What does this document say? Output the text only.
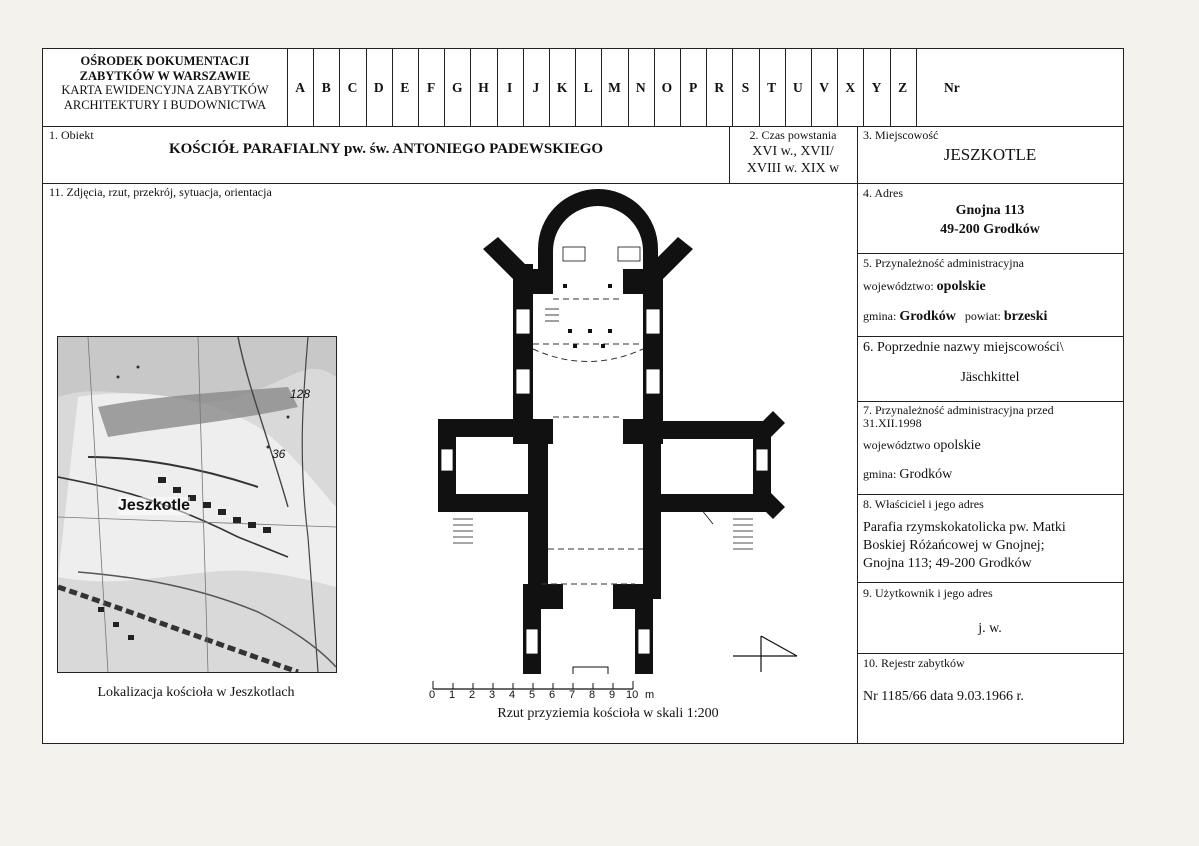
OŚRODEK DOKUMENTACJI
ZABYTKÓW W WARSZAWIE
KARTA EWIDENCYJNA ZABYTKÓW
ARCHITEKTURY I BUDOWNICTWA
A	B	C	D	E	F	G	H	I	J	K	L	M	N	O	P	R	S	T	U	V	X	Y	Z	Nr
1. Obiekt
KOŚCIÓŁ PARAFIALNY pw. św. ANTONIEGO PADEWSKIEGO
2. Czas powstania
XVI w., XVII/
XVIII w. XIX w
3. Miejscowość
JESZKOTLE
11. Zdjęcia, rzut, przekrój, sytuacja, orientacja
Jeszkotle
128
36
Lokalizacja kościoła w Jeszkotlach	0	1	2	3	4	5	6	7	8	9 10 m
Rzut przyziemia kościoła w skali 1:200
4. Adres
Gnojna 113
49-200 Grodków
5. Przynależność administracyjna
województwo: opolskie
gmina: Grodków powiat: brzeski
6. Poprzednie nazwy miejscowości\
Jäschkittel
7. Przynależność administracyjna przed
31.XII.1998
województwo opolskie
gmina: Grodków
8. Właściciel i jego adres
Parafia rzymskokatolicka pw. Matki
Boskiej Różańcowej w Gnojnej;
Gnojna 113; 49-200 Grodków
9. Użytkownik i jego adres
j. w.
10. Rejestr zabytków
Nr 1185/66 data 9.03.1966 r.
